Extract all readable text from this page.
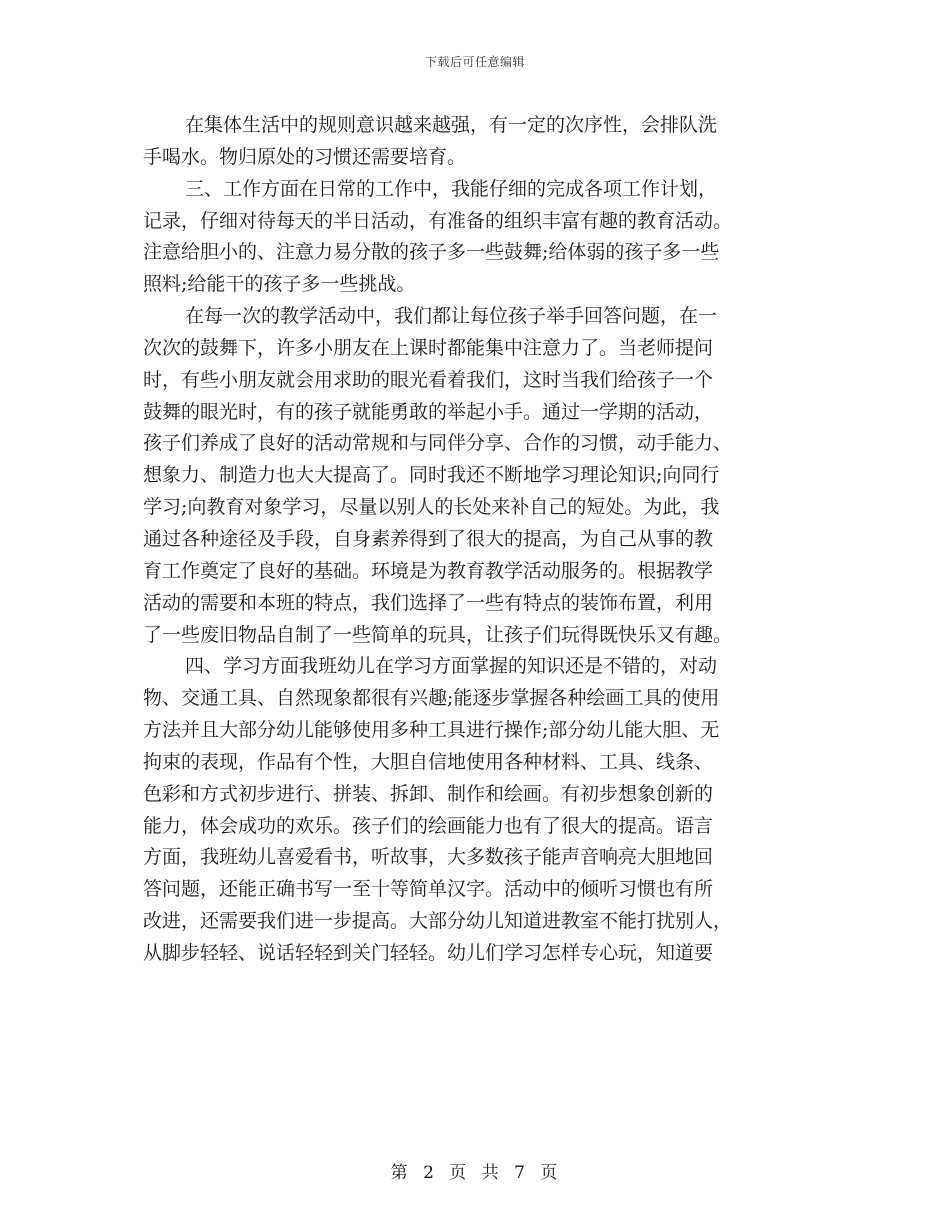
下载后可任意编辑

在集体生活中的规则意识越来越强，有一定的次序性，会排队洗
手喝水。物归原处的习惯还需要培育。

三、工作方面在日常的工作中，我能仔细的完成各项工作计划，
记录，仔细对待每天的半日活动，有准备的组织丰富有趣的教育活动。
注意给胆小的、注意力易分散的孩子多一些鼓舞;给体弱的孩子多一些
照料;给能干的孩子多一些挑战。

在每一次的教学活动中，我们都让每位孩子举手回答问题，在一
次次的鼓舞下，许多小朋友在上课时都能集中注意力了。当老师提问
时，有些小朋友就会用求助的眼光看着我们，这时当我们给孩子一个
鼓舞的眼光时，有的孩子就能勇敢的举起小手。通过一学期的活动，
孩子们养成了良好的活动常规和与同伴分享、合作的习惯，动手能力、
想象力、制造力也大大提高了。同时我还不断地学习理论知识;向同行
学习;向教育对象学习，尽量以别人的长处来补自己的短处。为此，我
通过各种途径及手段，自身素养得到了很大的提高，为自己从事的教
育工作奠定了良好的基础。环境是为教育教学活动服务的。根据教学
活动的需要和本班的特点，我们选择了一些有特点的装饰布置，利用
了一些废旧物品自制了一些简单的玩具，让孩子们玩得既快乐又有趣。

四、学习方面我班幼儿在学习方面掌握的知识还是不错的，对动
物、交通工具、自然现象都很有兴趣;能逐步掌握各种绘画工具的使用
方法并且大部分幼儿能够使用多种工具进行操作;部分幼儿能大胆、无
拘束的表现，作品有个性，大胆自信地使用各种材料、工具、线条、
色彩和方式初步进行、拼装、拆卸、制作和绘画。有初步想象创新的
能力，体会成功的欢乐。孩子们的绘画能力也有了很大的提高。语言
方面，我班幼儿喜爱看书，听故事，大多数孩子能声音响亮大胆地回
答问题，还能正确书写一至十等简单汉字。活动中的倾听习惯也有所
改进，还需要我们进一步提高。大部分幼儿知道进教室不能打扰别人，
从脚步轻轻、说话轻轻到关门轻轻。幼儿们学习怎样专心玩，知道要

第 2 页 共 7 页
